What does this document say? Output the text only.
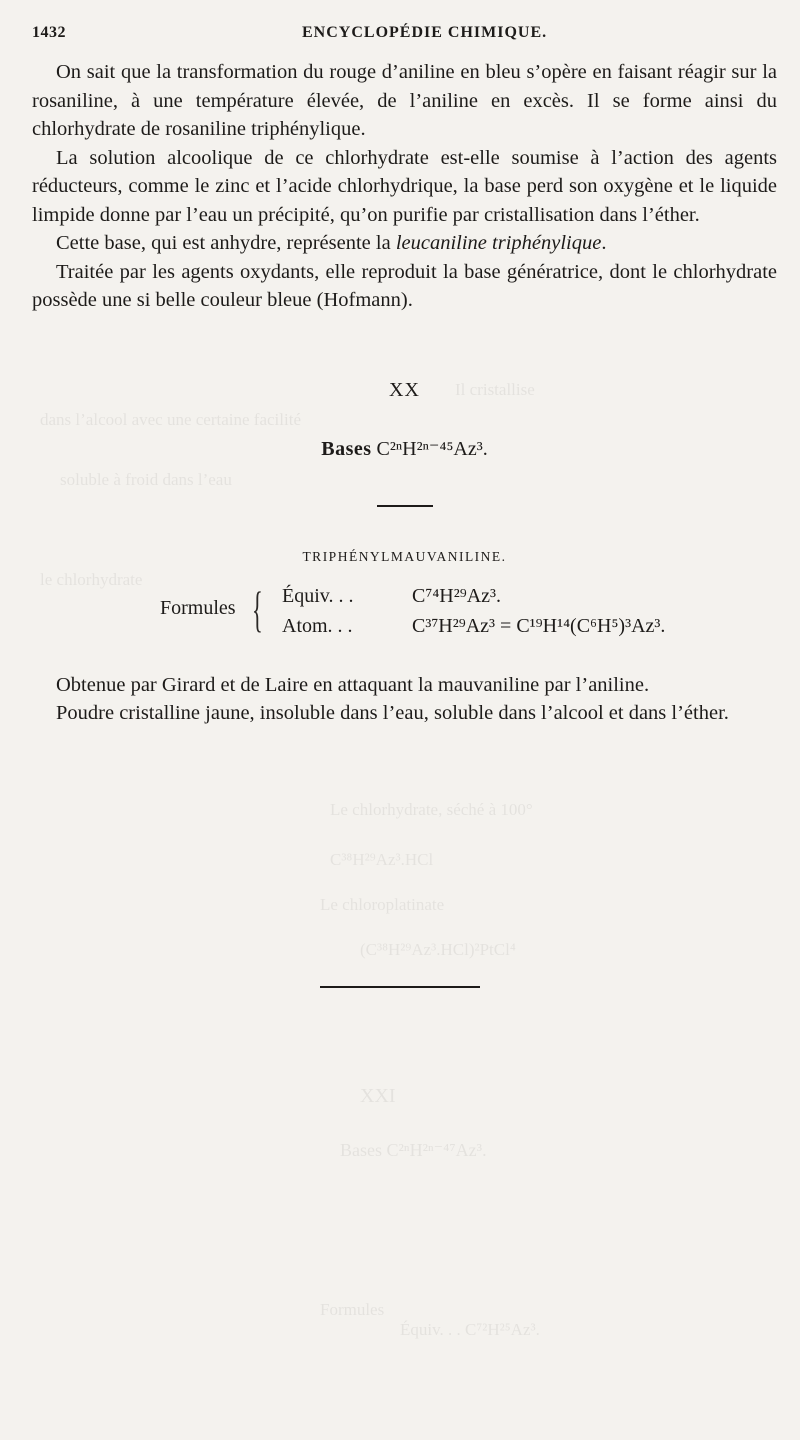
Il cristallise
dans l’alcool avec une certaine facilité
soluble à froid dans l’eau
le chlorhydrate
Le chlorhydrate, séché à 100°
C³⁸H²⁹Az³.HCl
Le chloroplatinate
(C³⁸H²⁹Az³.HCl)²PtCl⁴
XXI
Bases C²ⁿH²ⁿ⁻⁴⁷Az³.
Formules
Équiv. . . C⁷²H²⁵Az³.
1432	ENCYCLOPÉDIE CHIMIQUE.

On sait que la transformation du rouge d’aniline en bleu s’opère en faisant réagir sur la rosaniline, à une température élevée, de l’aniline en excès. Il se forme ainsi du chlorhydrate de rosaniline triphénylique.

La solution alcoolique de ce chlorhydrate est-elle soumise à l’action des agents réducteurs, comme le zinc et l’acide chlorhydrique, la base perd son oxygène et le liquide limpide donne par l’eau un précipité, qu’on purifie par cristallisation dans l’éther.

Cette base, qui est anhydre, représente la leucaniline triphénylique.

Traitée par les agents oxydants, elle reproduit la base génératrice, dont le chlorhydrate possède une si belle couleur bleue (Hofmann).

XX
Bases C²ⁿH²ⁿ⁻⁴⁵Az³.
TRIPHÉNYLMAUVANILINE.
Formules { Équiv. . .	C⁷⁴H²⁹Az³.
Atom. . .	C³⁷H²⁹Az³ = C¹⁹H¹⁴(C⁶H⁵)³Az³.

Obtenue par Girard et de Laire en attaquant la mauvaniline par l’aniline.

Poudre cristalline jaune, insoluble dans l’eau, soluble dans l’alcool et dans l’éther.
